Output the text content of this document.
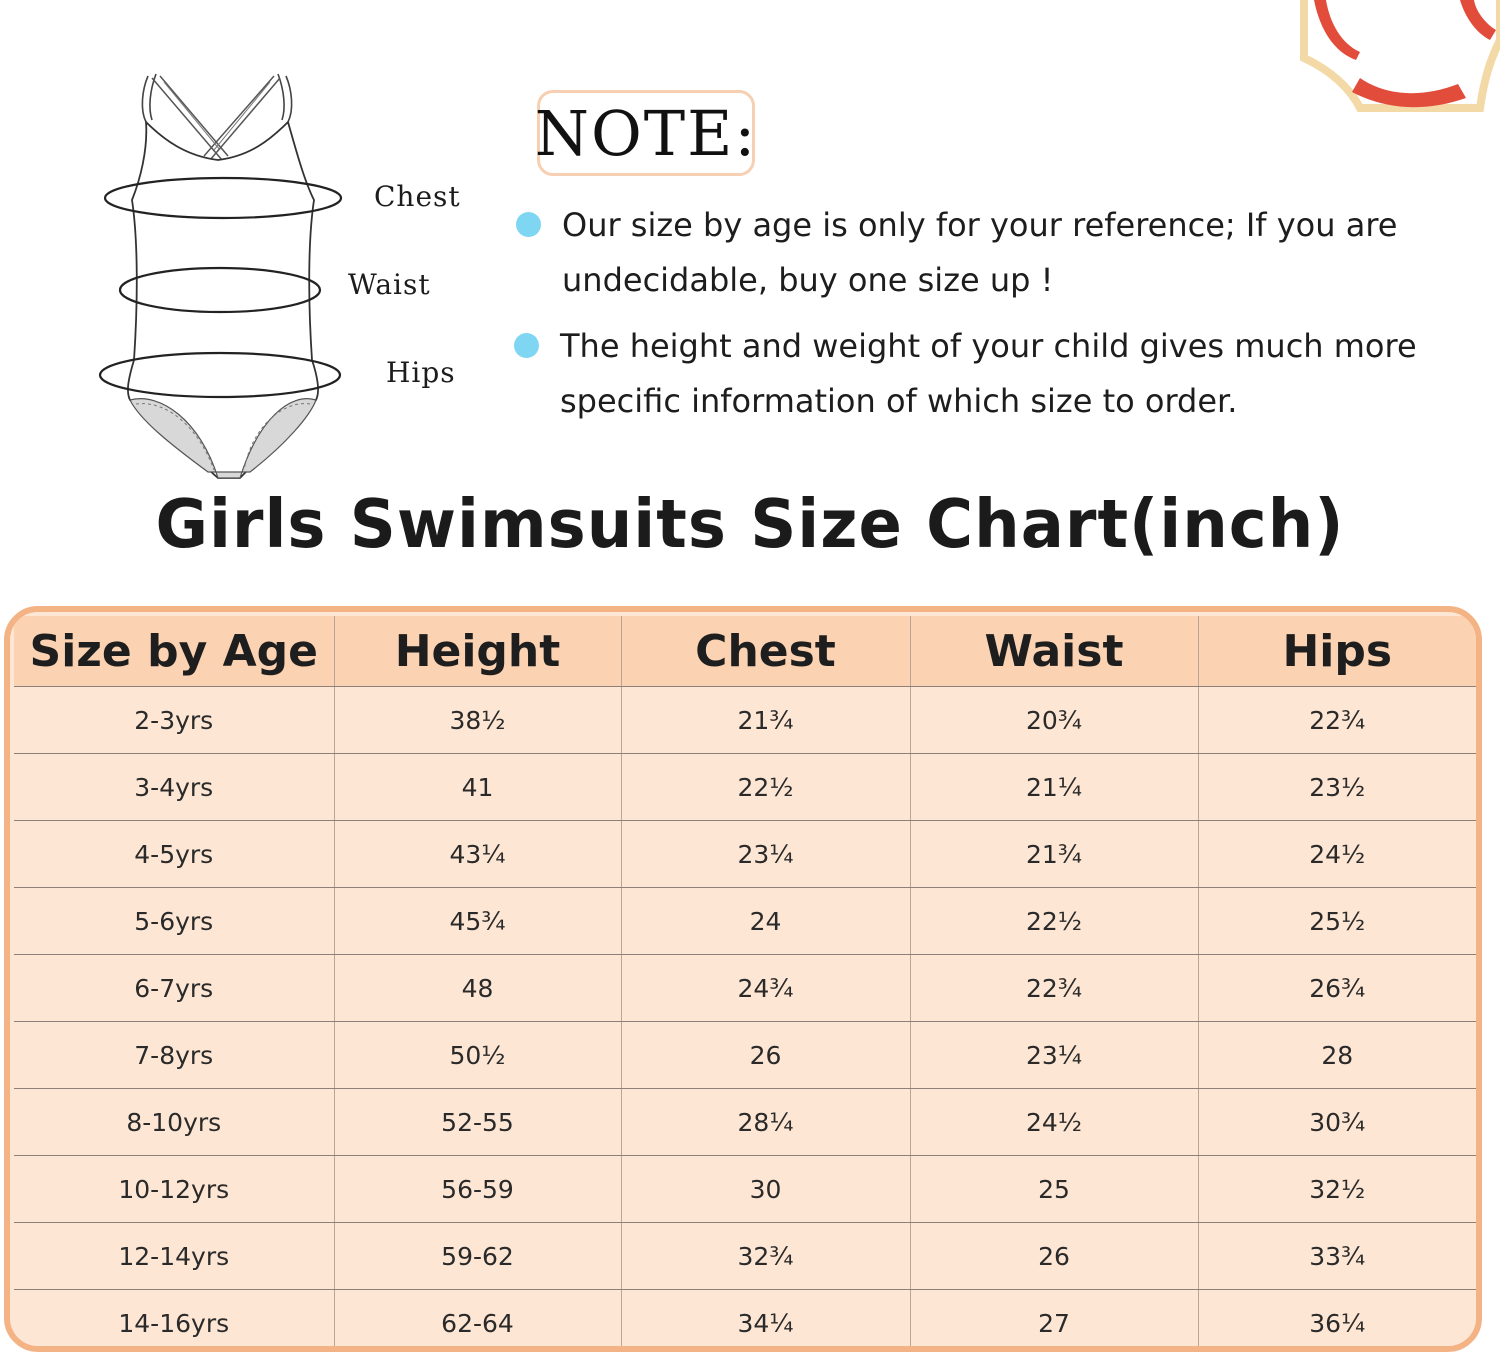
Chest
Waist
Hips
NOTE:
Our size by age is only for your reference; If you are
undecidable, buy one size up !
The height and weight of your child gives much more
specific information of which size to order.
Girls Swimsuits Size Chart(inch)
Size by Age	Height	Chest	Waist	Hips
2-3yrs	38½	21¾	20¾	22¾
3-4yrs	41	22½	21¼	23½
4-5yrs	43¼	23¼	21¾	24½
5-6yrs	45¾	24	22½	25½
6-7yrs	48	24¾	22¾	26¾
7-8yrs	50½	26	23¼	28
8-10yrs	52-55	28¼	24½	30¾
10-12yrs	56-59	30	25	32½
12-14yrs	59-62	32¾	26	33¾
14-16yrs	62-64	34¼	27	36¼
